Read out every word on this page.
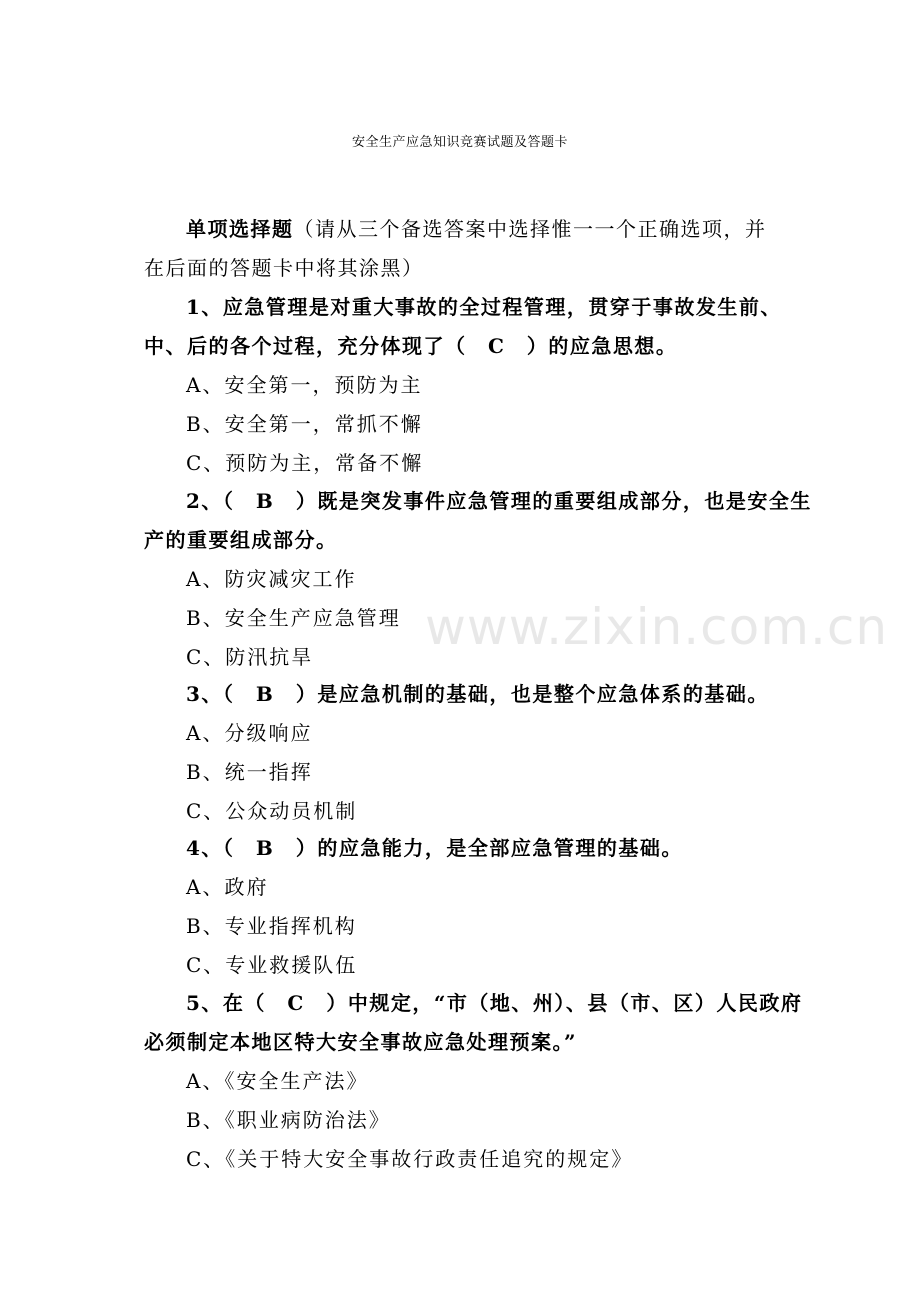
安全生产应急知识竞赛试题及答题卡
单项选择题（请从三个备选答案中选择惟一一个正确选项，并
在后面的答题卡中将其涂黑）
1、应急管理是对重大事故的全过程管理，贯穿于事故发生前、
中、后的各个过程，充分体现了（　C　）的应急思想。
A、安全第一，预防为主
B、安全第一，常抓不懈
C、预防为主，常备不懈
2、（　B　）既是突发事件应急管理的重要组成部分，也是安全生
产的重要组成部分。
A、防灾减灾工作
B、安全生产应急管理
C、防汛抗旱
3、（　B　）是应急机制的基础，也是整个应急体系的基础。
A、分级响应
B、统一指挥
C、公众动员机制
4、（　B　）的应急能力，是全部应急管理的基础。
A、政府
B、专业指挥机构
C、专业救援队伍
5、在（　C　）中规定，“市（地、州）、县（市、区）人民政府
必须制定本地区特大安全事故应急处理预案。”
A、《安全生产法》
B、《职业病防治法》
C、《关于特大安全事故行政责任追究的规定》
www.zixin.com.cn
